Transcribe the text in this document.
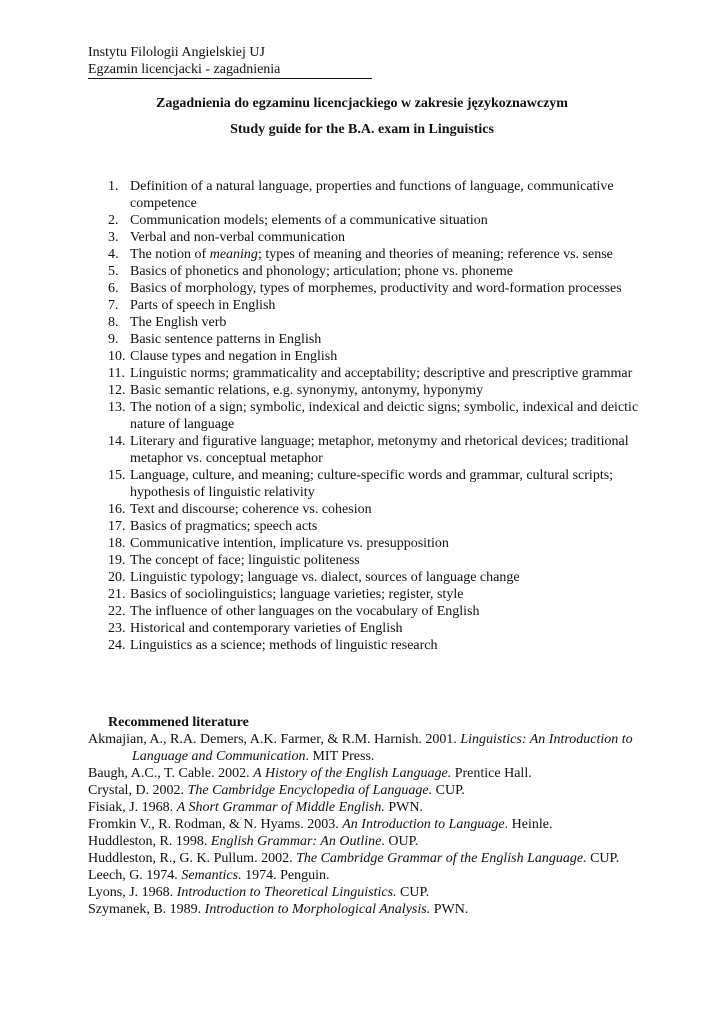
Instytu Filologii Angielskiej UJ
Egzamin licencjacki - zagadnienia
Zagadnienia do egzaminu licencjackiego w zakresie językoznawczym
Study guide for the B.A. exam in Linguistics
1. Definition of a natural language, properties and functions of language, communicative competence
2. Communication models; elements of a communicative situation
3. Verbal and non-verbal communication
4. The notion of meaning; types of meaning and theories of meaning; reference vs. sense
5. Basics of phonetics and phonology; articulation; phone vs. phoneme
6. Basics of morphology, types of morphemes, productivity and word-formation processes
7. Parts of speech in English
8. The English verb
9. Basic sentence patterns in English
10. Clause types and negation in English
11. Linguistic norms; grammaticality and acceptability; descriptive and prescriptive grammar
12. Basic semantic relations, e.g. synonymy, antonymy, hyponymy
13. The notion of a sign; symbolic, indexical and deictic signs; symbolic, indexical and deictic nature of language
14. Literary and figurative language; metaphor, metonymy and rhetorical devices; traditional metaphor vs. conceptual metaphor
15. Language, culture, and meaning; culture-specific words and grammar, cultural scripts; hypothesis of linguistic relativity
16. Text and discourse; coherence vs. cohesion
17. Basics of pragmatics; speech acts
18. Communicative intention, implicature vs. presupposition
19. The concept of face; linguistic politeness
20. Linguistic typology; language vs. dialect, sources of language change
21. Basics of sociolinguistics; language varieties; register, style
22. The influence of other languages on the vocabulary of English
23. Historical and contemporary varieties of English
24. Linguistics as a science; methods of linguistic research
Recommened literature
Akmajian, A., R.A. Demers, A.K. Farmer, & R.M. Harnish. 2001. Linguistics: An Introduction to Language and Communication. MIT Press.
Baugh, A.C., T. Cable. 2002. A History of the English Language. Prentice Hall.
Crystal, D. 2002. The Cambridge Encyclopedia of Language. CUP.
Fisiak, J. 1968. A Short Grammar of Middle English. PWN.
Fromkin V., R. Rodman, & N. Hyams. 2003. An Introduction to Language. Heinle.
Huddleston, R. 1998. English Grammar: An Outline. OUP.
Huddleston, R., G. K. Pullum. 2002. The Cambridge Grammar of the English Language. CUP.
Leech, G. 1974. Semantics. 1974. Penguin.
Lyons, J. 1968. Introduction to Theoretical Linguistics. CUP.
Szymanek, B. 1989. Introduction to Morphological Analysis. PWN.
